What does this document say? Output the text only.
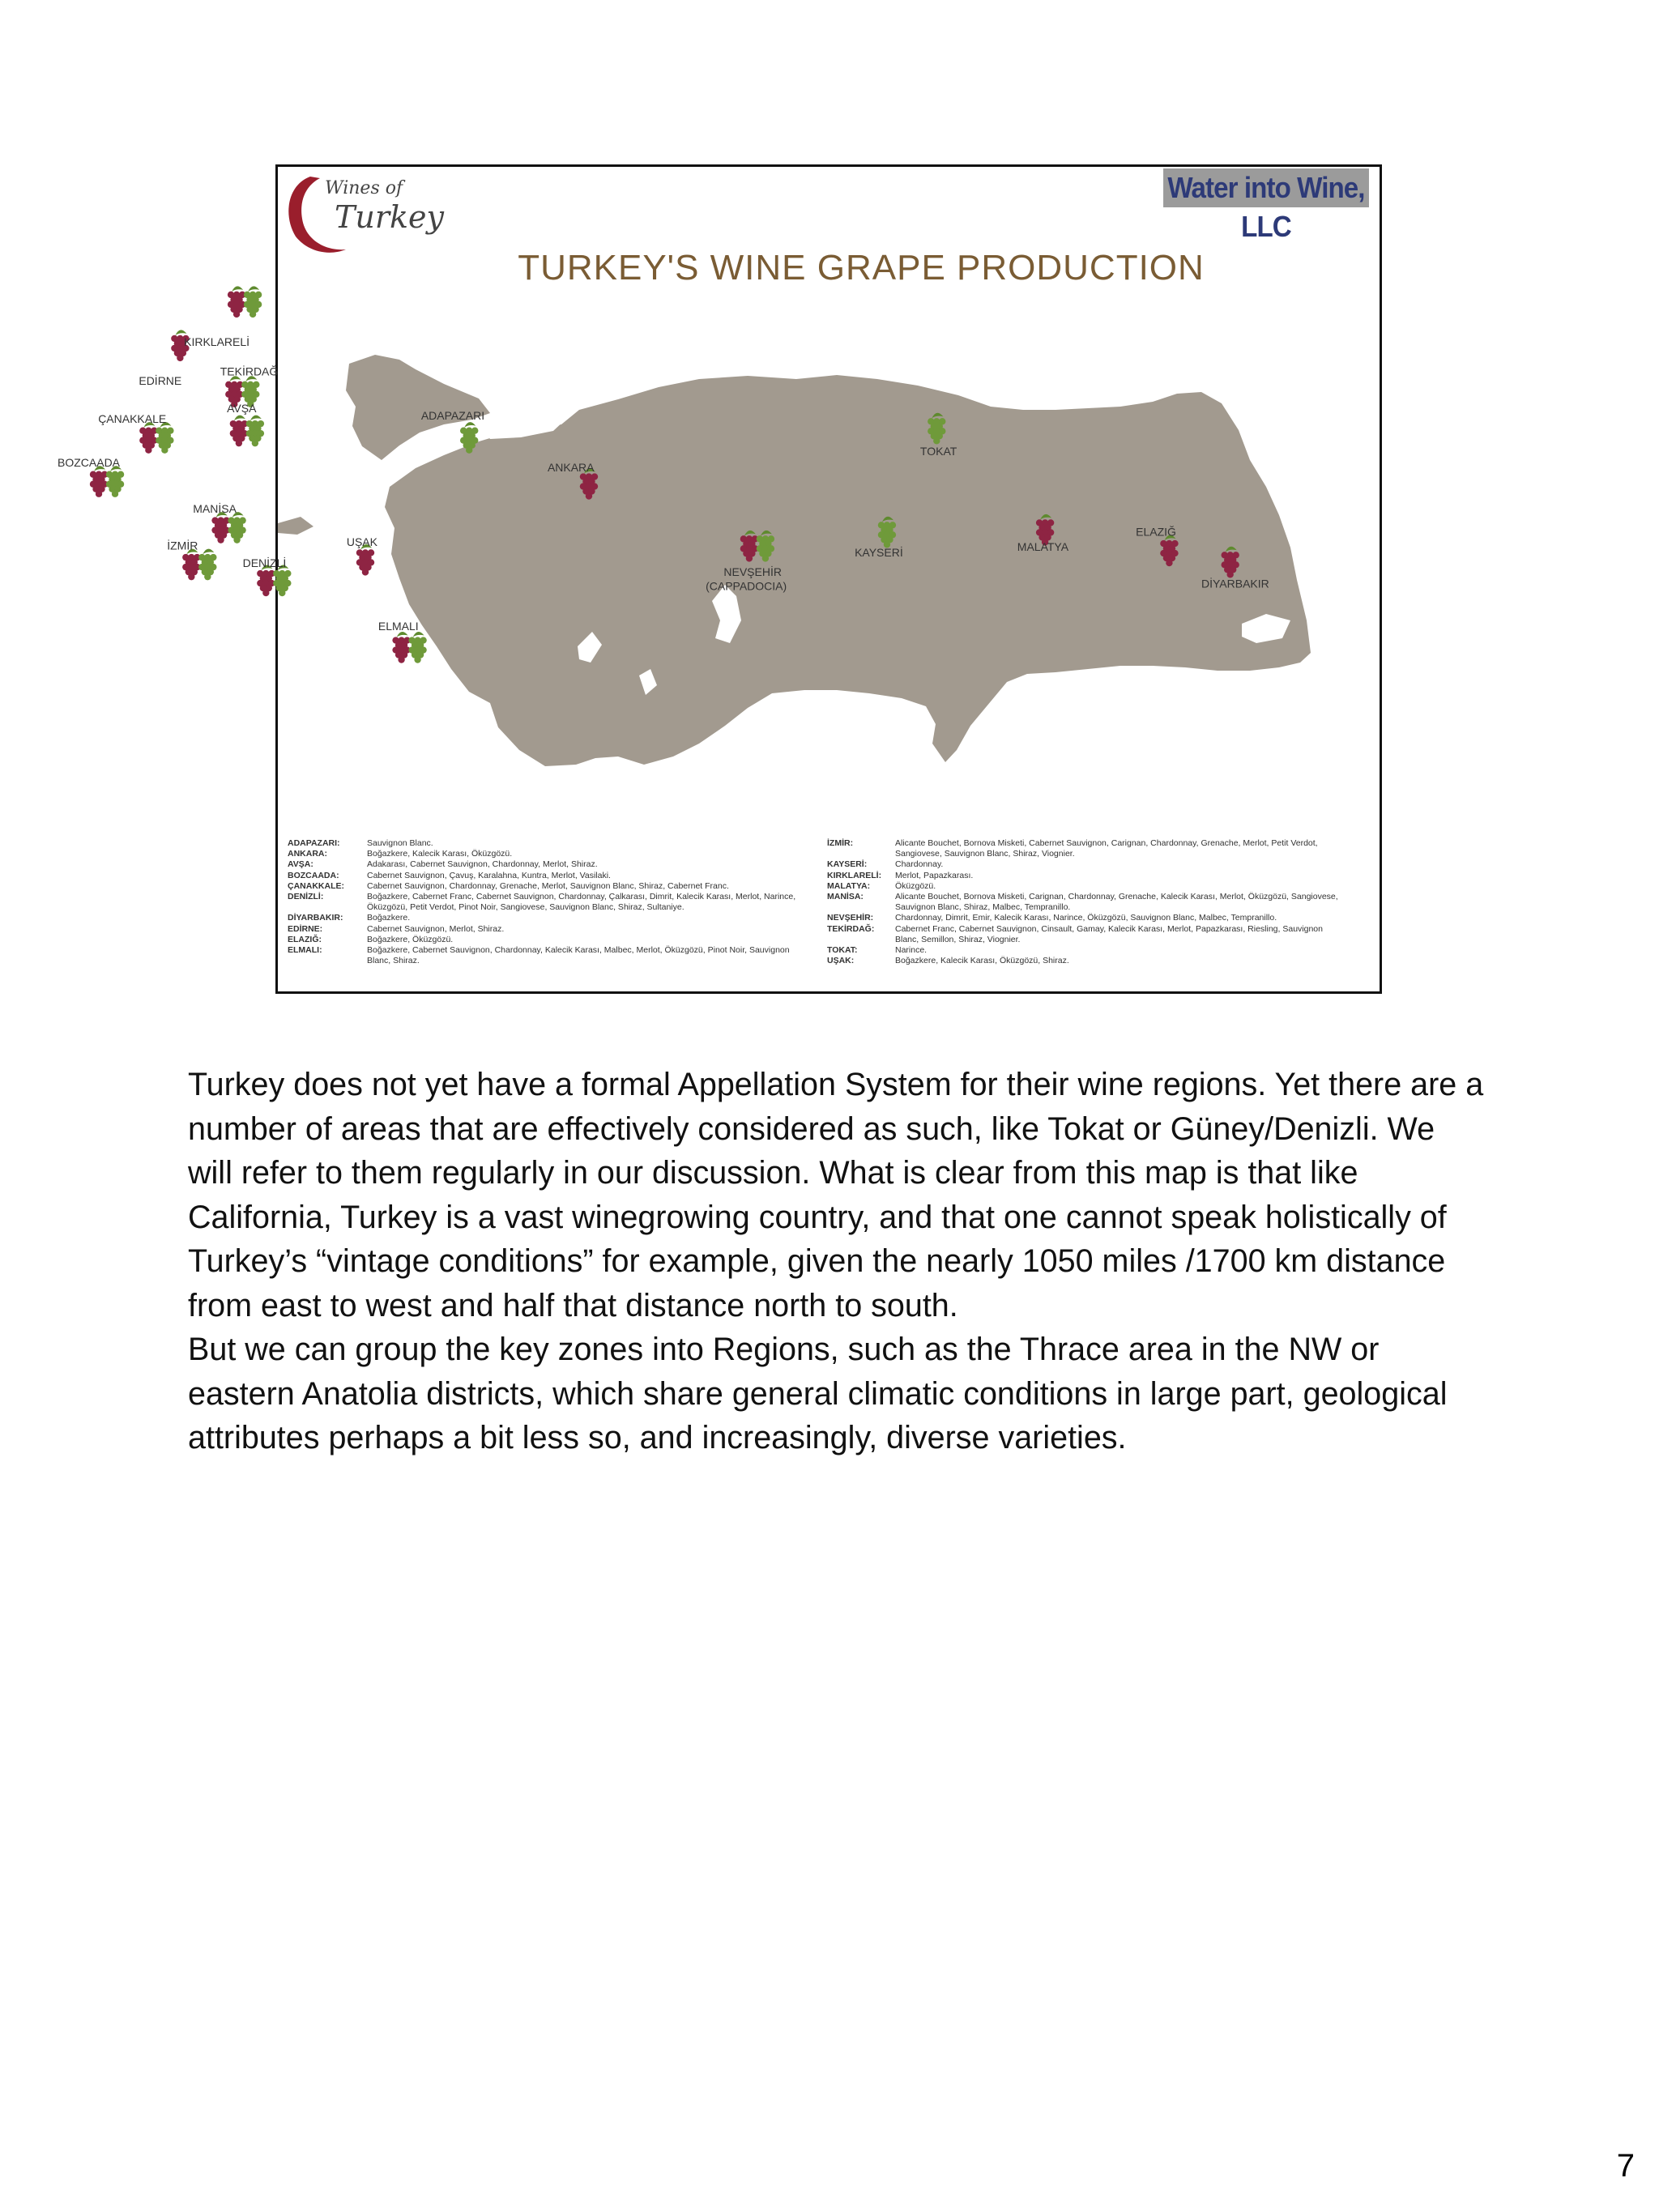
KIRKLARELİ
EDİRNE
TEKİRDAĞ
ÇANAKKALE
AVŞA
ADAPAZARI
BOZCAADA
TOKAT
ANKARA
MANİSA
İZMİR	UŞAK
DENİZLİ
NEVŞEHİR
(CAPPADOCIA)
KAYSERİ	MALATYA
ELAZIĞ
DİYARBAKIR
ELMALI
Wines of
Turkey
Water into Wine, LLC
TURKEY'S WINE GRAPE PRODUCTION
ADAPAZARI:	Sauvignon Blanc.
ANKARA:	Boğazkere, Kalecik Karası, Öküzgözü.
AVŞA:	Adakarası, Cabernet Sauvignon, Chardonnay, Merlot, Shiraz.
BOZCAADA:	Cabernet Sauvignon, Çavuş, Karalahna, Kuntra, Merlot, Vasilaki.
ÇANAKKALE:	Cabernet Sauvignon, Chardonnay, Grenache, Merlot, Sauvignon Blanc, Shiraz, Cabernet Franc.
DENİZLİ:	Boğazkere, Cabernet Franc, Cabernet Sauvignon, Chardonnay, Çalkarası, Dimrit, Kalecik Karası, Merlot, Narince, Öküzgözü, Petit Verdot, Pinot Noir, Sangiovese, Sauvignon Blanc, Shiraz, Sultaniye.
DİYARBAKIR:	Boğazkere.
EDİRNE:	Cabernet Sauvignon, Merlot, Shiraz.
ELAZIĞ:	Boğazkere, Öküzgözü.
ELMALI:	Boğazkere, Cabernet Sauvignon, Chardonnay, Kalecik Karası, Malbec, Merlot, Öküzgözü, Pinot Noir, Sauvignon Blanc, Shiraz.
İZMİR:	Alicante Bouchet, Bornova Misketi, Cabernet Sauvignon, Carignan, Chardonnay, Grenache, Merlot, Petit Verdot, Sangiovese, Sauvignon Blanc, Shiraz, Viognier.
KAYSERİ:	Chardonnay.
KIRKLARELİ:	Merlot, Papazkarası.
MALATYA:	Öküzgözü.
MANİSA:	Alicante Bouchet, Bornova Misketi, Carignan, Chardonnay, Grenache, Kalecik Karası, Merlot, Öküzgözü, Sangiovese, Sauvignon Blanc, Shiraz, Malbec, Tempranillo.
NEVŞEHİR:	Chardonnay, Dimrit, Emir, Kalecik Karası, Narince, Öküzgözü, Sauvignon Blanc, Malbec, Tempranillo.
TEKİRDAĞ:	Cabernet Franc, Cabernet Sauvignon, Cinsault, Gamay, Kalecik Karası, Merlot, Papazkarası, Riesling, Sauvignon Blanc, Semillon, Shiraz, Viognier.
TOKAT:	Narince.
UŞAK:	Boğazkere, Kalecik Karası, Öküzgözü, Shiraz.

Turkey does not yet have a formal Appellation System for their wine regions. Yet there are a number of areas that are effectively considered as such, like Tokat or Güney/Denizli. We will refer to them regularly in our discussion. What is clear from this map is that like California, Turkey is a vast winegrowing country, and that one cannot speak holistically of Turkey’s “vintage conditions” for example, given the nearly 1050 miles /1700 km distance from east to west and half that distance north to south.

But we can group the key zones into Regions, such as the Thrace area in the NW or eastern Anatolia districts, which share general climatic conditions in large part, geological attributes perhaps a bit less so, and increasingly, diverse varieties.

7
